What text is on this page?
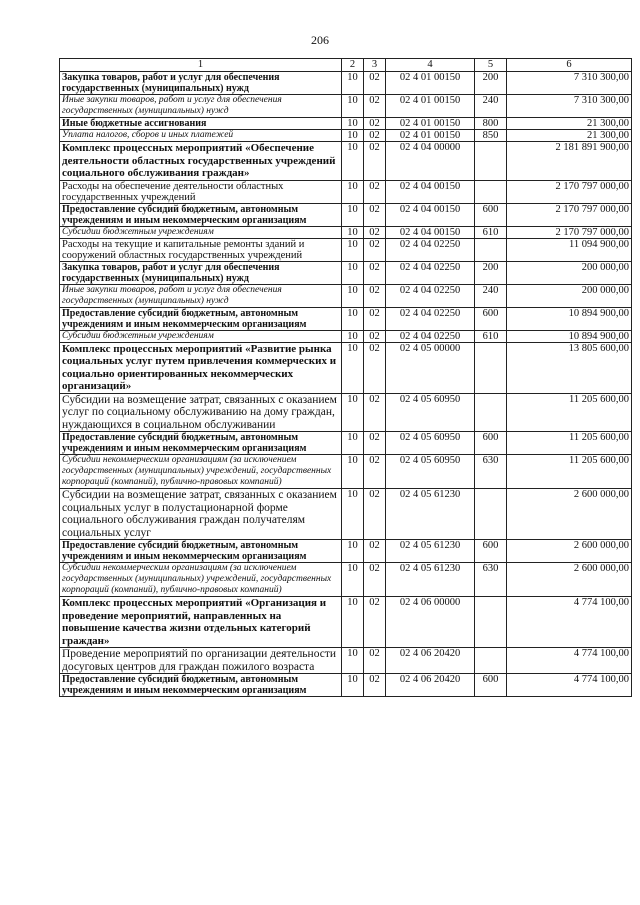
206
1	2	3	4	5	6
Закупка товаров, работ и услуг для обеспечения государственных (муниципальных) нужд	10	02	02 4 01 00150	200	7 310 300,00
Иные закупки товаров, работ и услуг для обеспечения государственных (муниципальных) нужд	10	02	02 4 01 00150	240	7 310 300,00
Иные бюджетные ассигнования	10	02	02 4 01 00150	800	21 300,00
Уплата налогов, сборов и иных платежей	10	02	02 4 01 00150	850	21 300,00
Комплекс процессных мероприятий «Обеспечение деятельности областных государственных учреждений социального обслуживания граждан»	10	02	02 4 04 00000		2 181 891 900,00
Расходы на обеспечение деятельности областных государственных учреждений	10	02	02 4 04 00150		2 170 797 000,00
Предоставление субсидий бюджетным, автономным учреждениям и иным некоммерческим организациям	10	02	02 4 04 00150	600	2 170 797 000,00
Субсидии бюджетным учреждениям	10	02	02 4 04 00150	610	2 170 797 000,00
Расходы на текущие и капитальные ремонты зданий и сооружений областных государственных учреждений	10	02	02 4 04 02250		11 094 900,00
Закупка товаров, работ и услуг для обеспечения государственных (муниципальных) нужд	10	02	02 4 04 02250	200	200 000,00
Иные закупки товаров, работ и услуг для обеспечения государственных (муниципальных) нужд	10	02	02 4 04 02250	240	200 000,00
Предоставление субсидий бюджетным, автономным учреждениям и иным некоммерческим организациям	10	02	02 4 04 02250	600	10 894 900,00
Субсидии бюджетным учреждениям	10	02	02 4 04 02250	610	10 894 900,00
Комплекс процессных мероприятий «Развитие рынка социальных услуг путем привлечения коммерческих и социально ориентированных некоммерческих организаций»	10	02	02 4 05 00000		13 805 600,00
Субсидии на возмещение затрат, связанных с оказанием услуг по социальному обслуживанию на дому граждан, нуждающихся в социальном обслуживании	10	02	02 4 05 60950		11 205 600,00
Предоставление субсидий бюджетным, автономным учреждениям и иным некоммерческим организациям	10	02	02 4 05 60950	600	11 205 600,00
Субсидии некоммерческим организациям (за исключением государственных (муниципальных) учреждений, государственных корпораций (компаний), публично-правовых компаний)	10	02	02 4 05 60950	630	11 205 600,00
Субсидии на возмещение затрат, связанных с оказанием социальных услуг в полустационарной форме социального обслуживания граждан получателям социальных услуг	10	02	02 4 05 61230		2 600 000,00
Предоставление субсидий бюджетным, автономным учреждениям и иным некоммерческим организациям	10	02	02 4 05 61230	600	2 600 000,00
Субсидии некоммерческим организациям (за исключением государственных (муниципальных) учреждений, государственных корпораций (компаний), публично-правовых компаний)	10	02	02 4 05 61230	630	2 600 000,00
Комплекс процессных мероприятий «Организация и проведение мероприятий, направленных на повышение качества жизни отдельных категорий граждан»	10	02	02 4 06 00000		4 774 100,00
Проведение мероприятий по организации деятельности досуговых центров для граждан пожилого возраста	10	02	02 4 06 20420		4 774 100,00
Предоставление субсидий бюджетным, автономным учреждениям и иным некоммерческим организациям	10	02	02 4 06 20420	600	4 774 100,00
